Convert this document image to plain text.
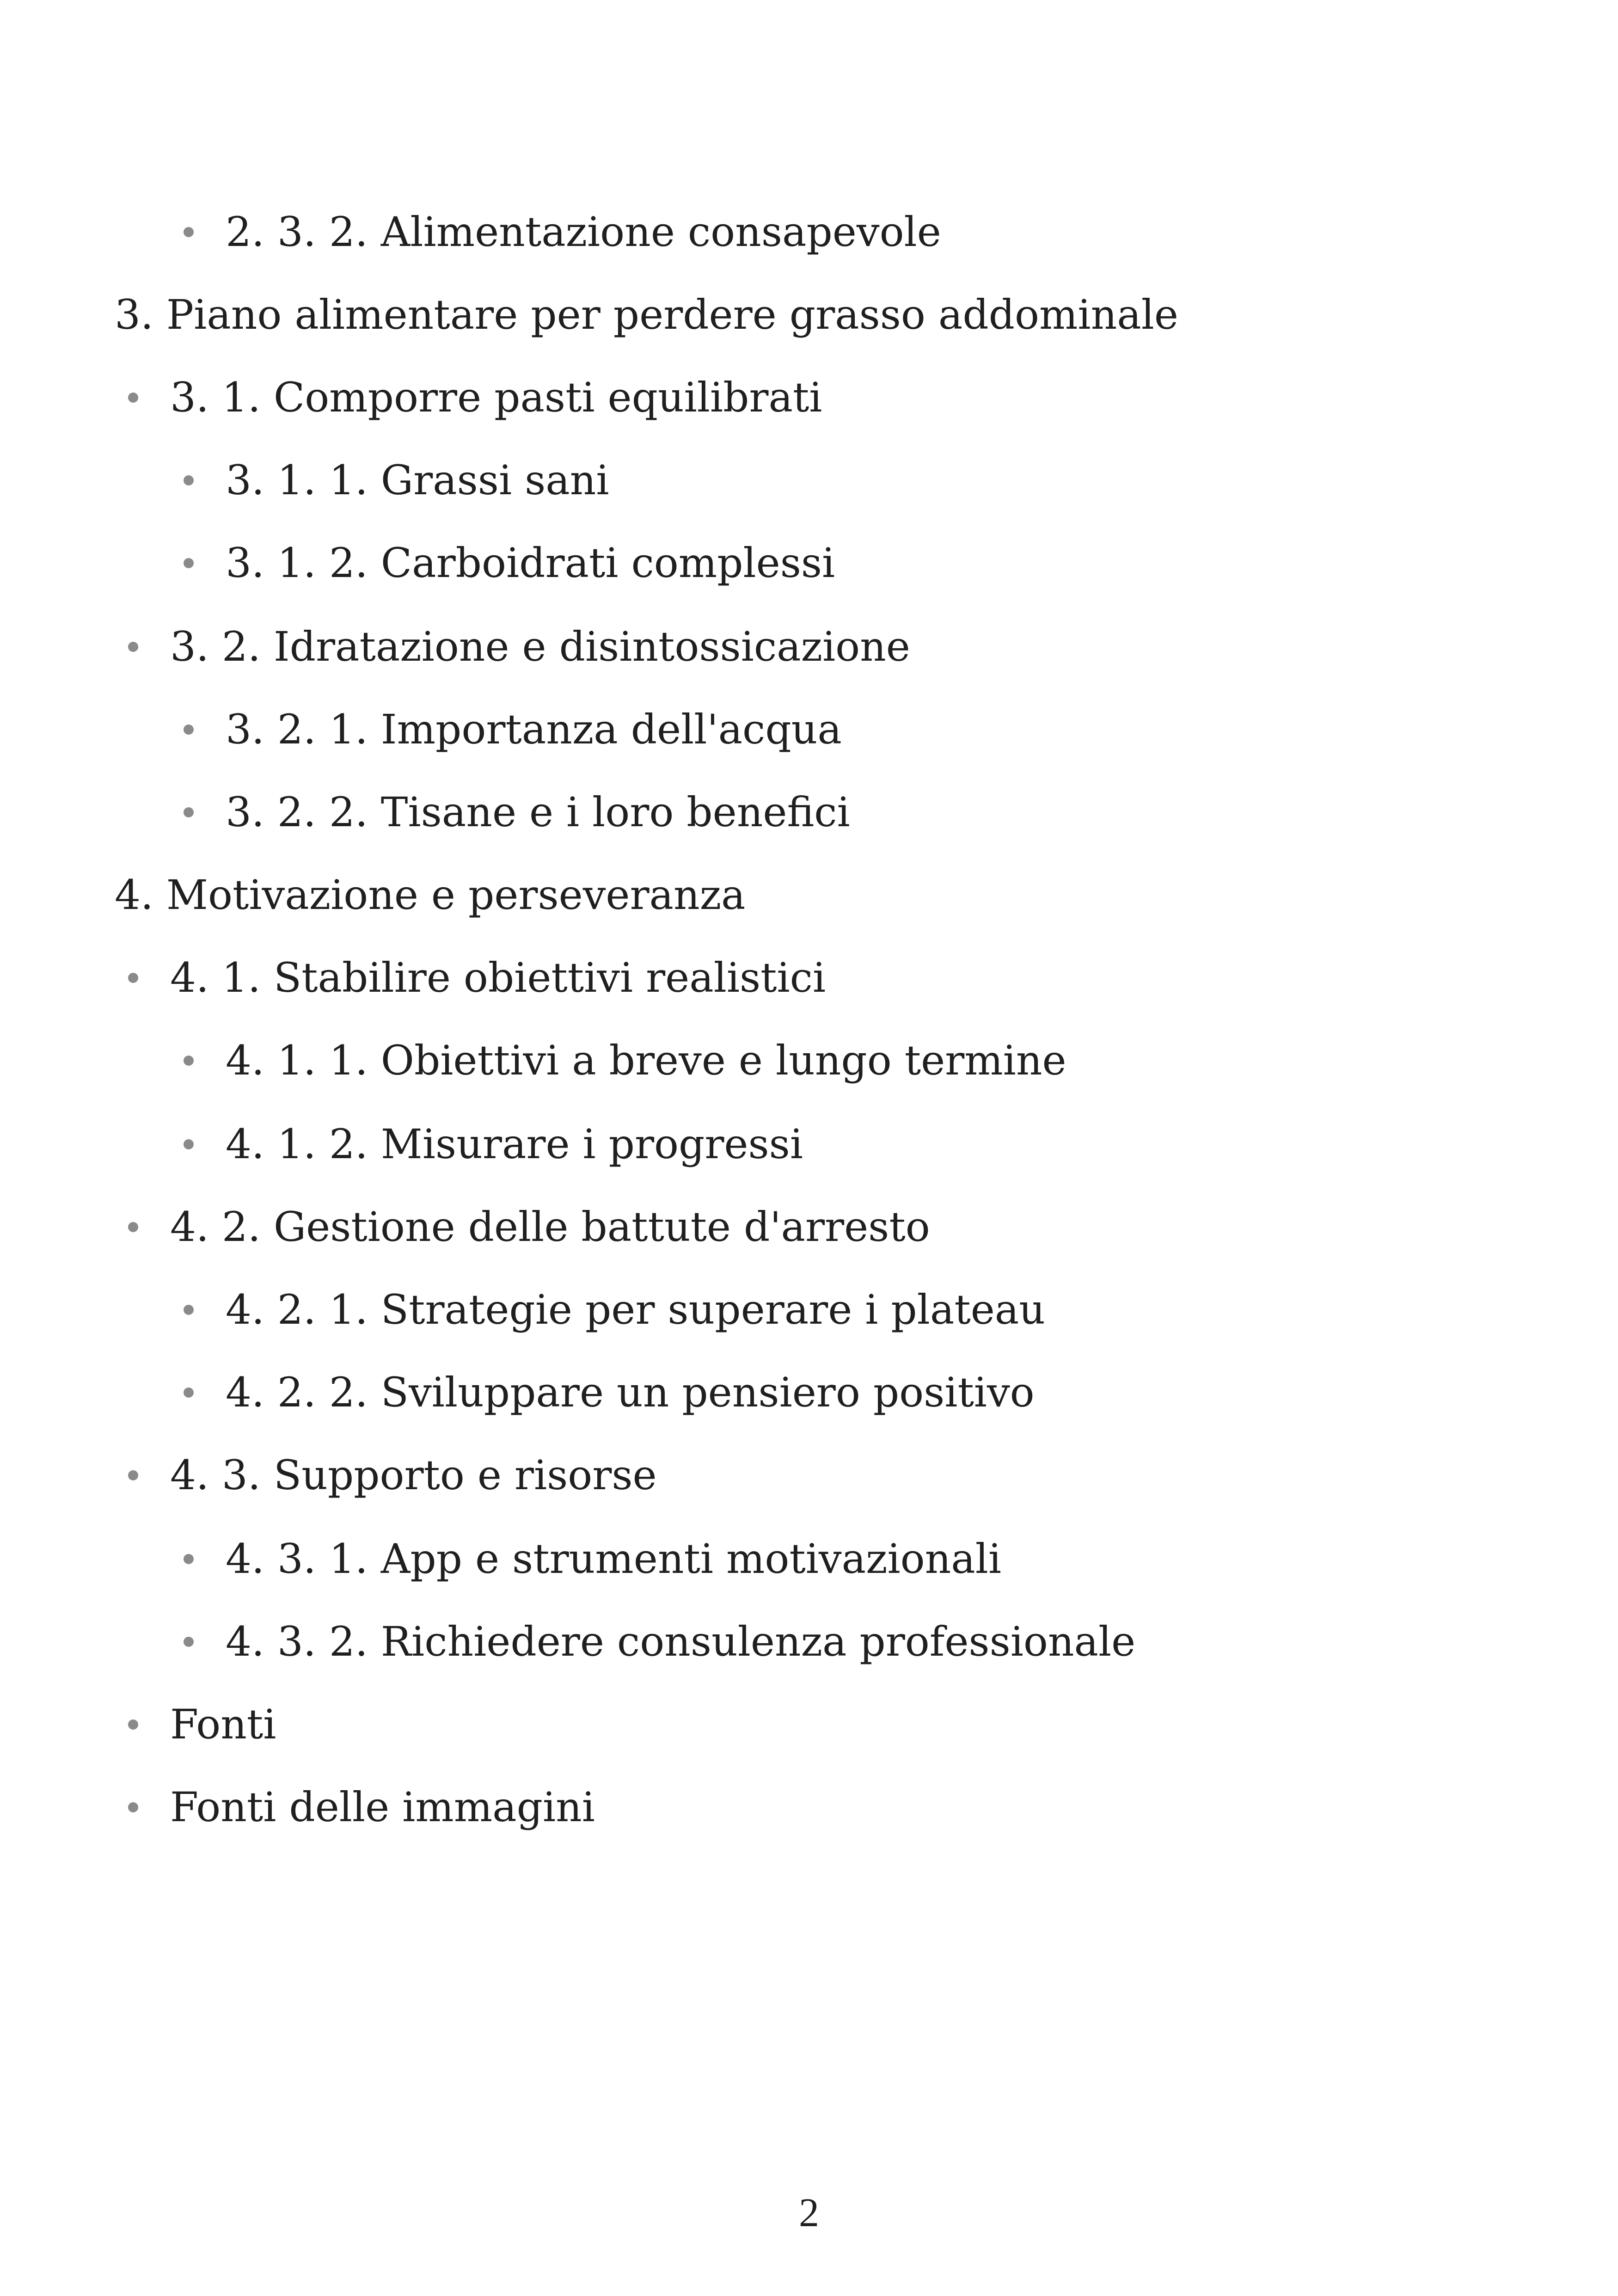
2. 3. 2. Alimentazione consapevole
3. Piano alimentare per perdere grasso addominale
3. 1. Comporre pasti equilibrati
3. 1. 1. Grassi sani
3. 1. 2. Carboidrati complessi
3. 2. Idratazione e disintossicazione
3. 2. 1. Importanza dell'acqua
3. 2. 2. Tisane e i loro benefici
4. Motivazione e perseveranza
4. 1. Stabilire obiettivi realistici
4. 1. 1. Obiettivi a breve e lungo termine
4. 1. 2. Misurare i progressi
4. 2. Gestione delle battute d'arresto
4. 2. 1. Strategie per superare i plateau
4. 2. 2. Sviluppare un pensiero positivo
4. 3. Supporto e risorse
4. 3. 1. App e strumenti motivazionali
4. 3. 2. Richiedere consulenza professionale
Fonti
Fonti delle immagini
2
